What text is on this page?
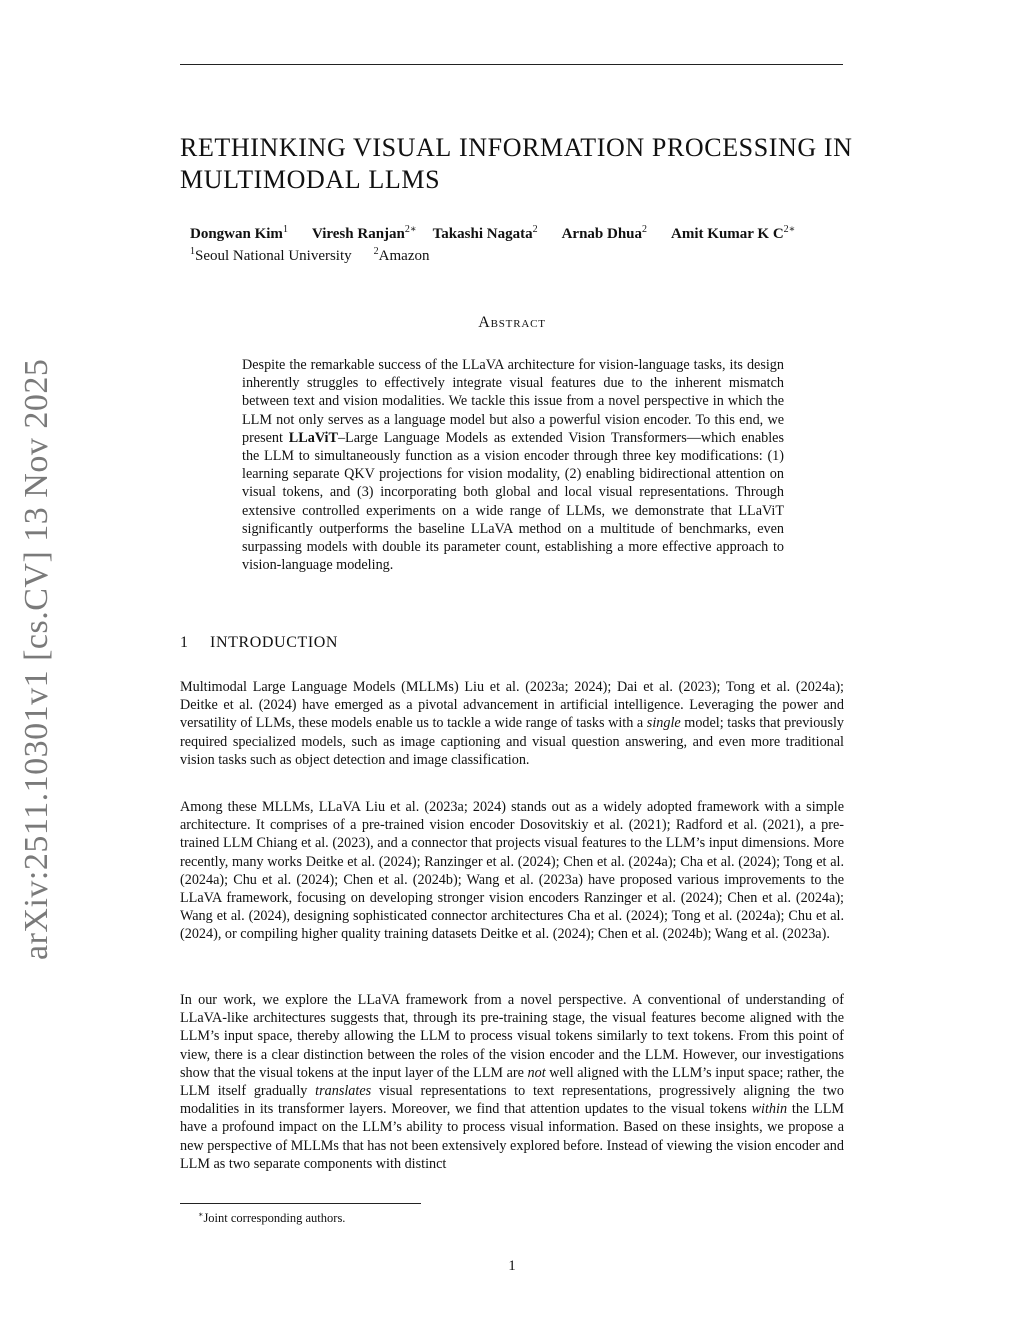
arXiv:2511.10301v1 [cs.CV] 13 Nov 2025
RETHINKING VISUAL INFORMATION PROCESSING IN
MULTIMODAL LLMS
Dongwan Kim$^1$ Viresh Ranjan$^{2∗}$ Takashi Nagata$^2$ Arnab Dhua$^2$ Amit Kumar K C$^{2∗}$
$^1$Seoul National University $^2$Amazon
Abstract
Despite the remarkable success of the LLaVA architecture for vision-language tasks, its design inherently struggles to effectively integrate visual features due to the inherent mismatch between text and vision modalities. We tackle this issue from a novel perspective in which the LLM not only serves as a language model but also a powerful vision encoder. To this end, we present LLaViT–Large Language Models as extended Vision Transformers—which enables the LLM to simultaneously function as a vision encoder through three key modifications: (1) learning separate QKV projections for vision modality, (2) enabling bidirectional attention on visual tokens, and (3) incorporating both global and local visual representations. Through extensive controlled experiments on a wide range of LLMs, we demonstrate that LLaViT significantly outperforms the baseline LLaVA method on a multitude of benchmarks, even surpassing models with double its parameter count, establishing a more effective approach to vision-language modeling.
1 INTRODUCTION
Multimodal Large Language Models (MLLMs) Liu et al. (2023a; 2024); Dai et al. (2023); Tong et al. (2024a); Deitke et al. (2024) have emerged as a pivotal advancement in artificial intelligence. Leveraging the power and versatility of LLMs, these models enable us to tackle a wide range of tasks with a single model; tasks that previously required specialized models, such as image captioning and visual question answering, and even more traditional vision tasks such as object detection and image classification.
Among these MLLMs, LLaVA Liu et al. (2023a; 2024) stands out as a widely adopted framework with a simple architecture. It comprises of a pre-trained vision encoder Dosovitskiy et al. (2021); Radford et al. (2021), a pre-trained LLM Chiang et al. (2023), and a connector that projects visual features to the LLM’s input dimensions. More recently, many works Deitke et al. (2024); Ranzinger et al. (2024); Chen et al. (2024a); Cha et al. (2024); Tong et al. (2024a); Chu et al. (2024); Chen et al. (2024b); Wang et al. (2023a) have proposed various improvements to the LLaVA framework, focusing on developing stronger vision encoders Ranzinger et al. (2024); Chen et al. (2024a); Wang et al. (2024), designing sophisticated connector architectures Cha et al. (2024); Tong et al. (2024a); Chu et al. (2024), or compiling higher quality training datasets Deitke et al. (2024); Chen et al. (2024b); Wang et al. (2023a).
In our work, we explore the LLaVA framework from a novel perspective. A conventional of understanding of LLaVA-like architectures suggests that, through its pre-training stage, the visual features become aligned with the LLM’s input space, thereby allowing the LLM to process visual tokens similarly to text tokens. From this point of view, there is a clear distinction between the roles of the vision encoder and the LLM. However, our investigations show that the visual tokens at the input layer of the LLM are not well aligned with the LLM’s input space; rather, the LLM itself gradually translates visual representations to text representations, progressively aligning the two modalities in its transformer layers. Moreover, we find that attention updates to the visual tokens within the LLM have a profound impact on the LLM’s ability to process visual information. Based on these insights, we propose a new perspective of MLLMs that has not been extensively explored before. Instead of viewing the vision encoder and LLM as two separate components with distinct
∗Joint corresponding authors.
1
